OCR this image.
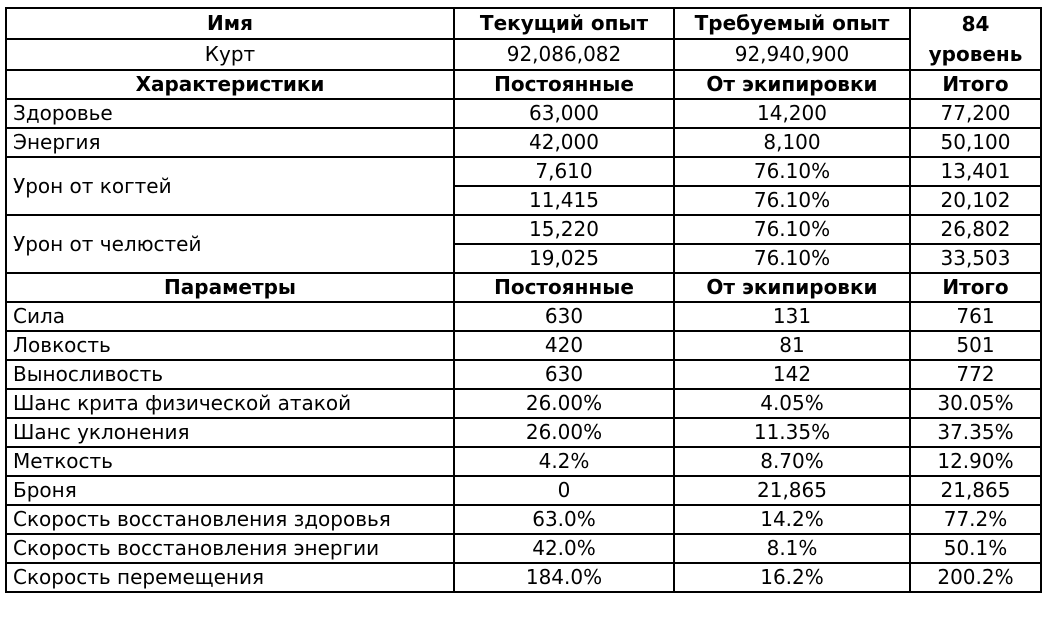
Имя	Текущий опыт	Требуемый опыт	84
уровень

Курт	92,086,082	92,940,900	
Характеристики	Постоянные	От экипировки	Итого
Здоровье	63,000	14,200	77,200
Энергия	42,000	8,100	50,100
Урон от когтей	7,610	76.10%	13,401
	11,415	76.10%	20,102
Урон от челюстей	15,220	76.10%	26,802
	19,025	76.10%	33,503
Параметры	Постоянные	От экипировки	Итого
Сила	630	131	761
Ловкость	420	81	501
Выносливость	630	142	772
Шанс крита физической атакой	26.00%	4.05%	30.05%
Шанс уклонения	26.00%	11.35%	37.35%
Меткость	4.2%	8.70%	12.90%
Броня	0	21,865	21,865
Скорость восстановления здоровья	63.0%	14.2%	77.2%
Скорость восстановления энергии	42.0%	8.1%	50.1%
Скорость перемещения	184.0%	16.2%	200.2%
